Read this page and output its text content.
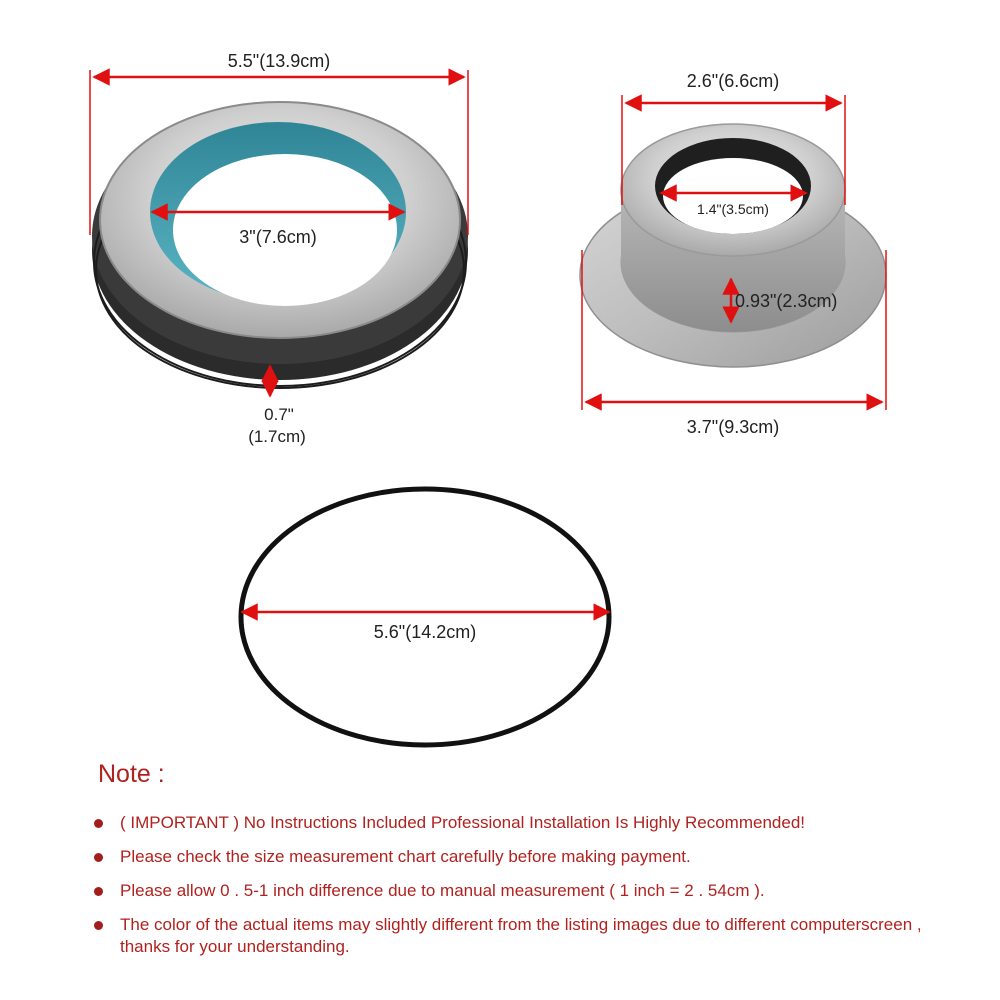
5.5"(13.9cm)
3"(7.6cm)
0.7"
(1.7cm)
2.6"(6.6cm)
1.4"(3.5cm)
0.93"(2.3cm)
3.7"(9.3cm)
5.6"(14.2cm)
Note :
( IMPORTANT ) No Instructions Included Professional Installation Is Highly Recommended!
Please check the size measurement chart carefully before making payment.
Please allow 0 . 5-1 inch difference due to manual measurement ( 1 inch = 2 . 54cm ).
The color of the actual items may slightly different from the listing images due to different computerscreen , thanks for your understanding.
